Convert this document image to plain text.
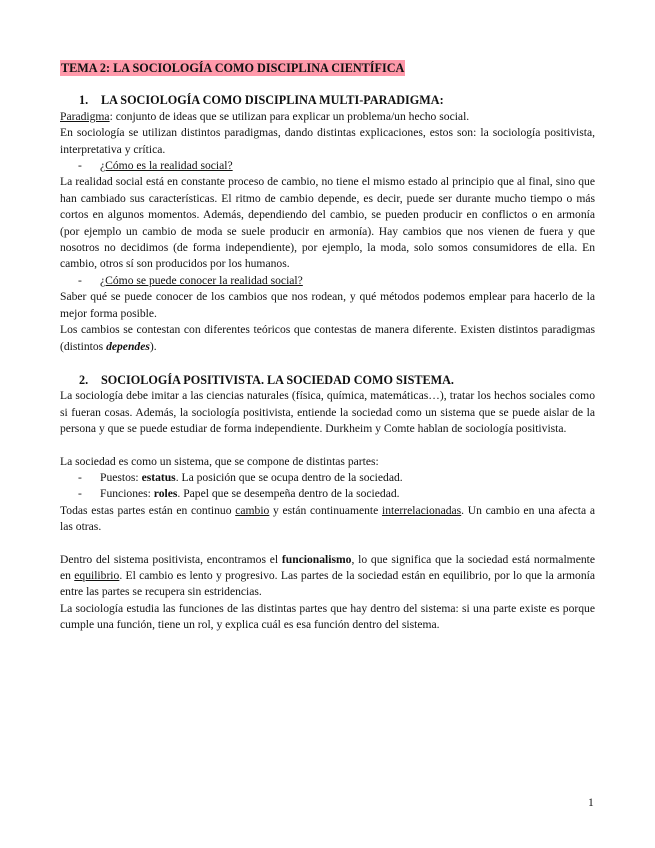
TEMA 2: LA SOCIOLOGÍA COMO DISCIPLINA CIENTÍFICA
1.	LA SOCIOLOGÍA COMO DISCIPLINA MULTI-PARADIGMA:

Paradigma: conjunto de ideas que se utilizan para explicar un problema/un hecho social.

En sociología se utilizan distintos paradigmas, dando distintas explicaciones, estos son: la sociología positivista, interpretativa y crítica.

-	¿Cómo es la realidad social?

La realidad social está en constante proceso de cambio, no tiene el mismo estado al principio que al final, sino que han cambiado sus características. El ritmo de cambio depende, es decir, puede ser durante mucho tiempo o más cortos en algunos momentos. Además, dependiendo del cambio, se pueden producir en conflictos o en armonía (por ejemplo un cambio de moda se suele producir en armonía). Hay cambios que nos vienen de fuera y que nosotros no decidimos (de forma independiente), por ejemplo, la moda, solo somos consumidores de ella. En cambio, otros sí son producidos por los humanos.

-	¿Cómo se puede conocer la realidad social?

Saber qué se puede conocer de los cambios que nos rodean, y qué métodos podemos emplear para hacerlo de la mejor forma posible.

Los cambios se contestan con diferentes teóricos que contestas de manera diferente. Existen distintos paradigmas (distintos dependes).

2.	SOCIOLOGÍA POSITIVISTA. LA SOCIEDAD COMO SISTEMA.

La sociología debe imitar a las ciencias naturales (física, química, matemáticas…), tratar los hechos sociales como si fueran cosas. Además, la sociología positivista, entiende la sociedad como un sistema que se puede aislar de la persona y que se puede estudiar de forma independiente. Durkheim y Comte hablan de sociología positivista.

La sociedad es como un sistema, que se compone de distintas partes:

-	Puestos: estatus. La posición que se ocupa dentro de la sociedad.
-	Funciones: roles. Papel que se desempeña dentro de la sociedad.

Todas estas partes están en continuo cambio y están continuamente interrelacionadas. Un cambio en una afecta a las otras.

Dentro del sistema positivista, encontramos el funcionalismo, lo que significa que la sociedad está normalmente en equilibrio. El cambio es lento y progresivo. Las partes de la sociedad están en equilibrio, por lo que la armonía entre las partes se recupera sin estridencias.

La sociología estudia las funciones de las distintas partes que hay dentro del sistema: si una parte existe es porque cumple una función, tiene un rol, y explica cuál es esa función dentro del sistema.

1
